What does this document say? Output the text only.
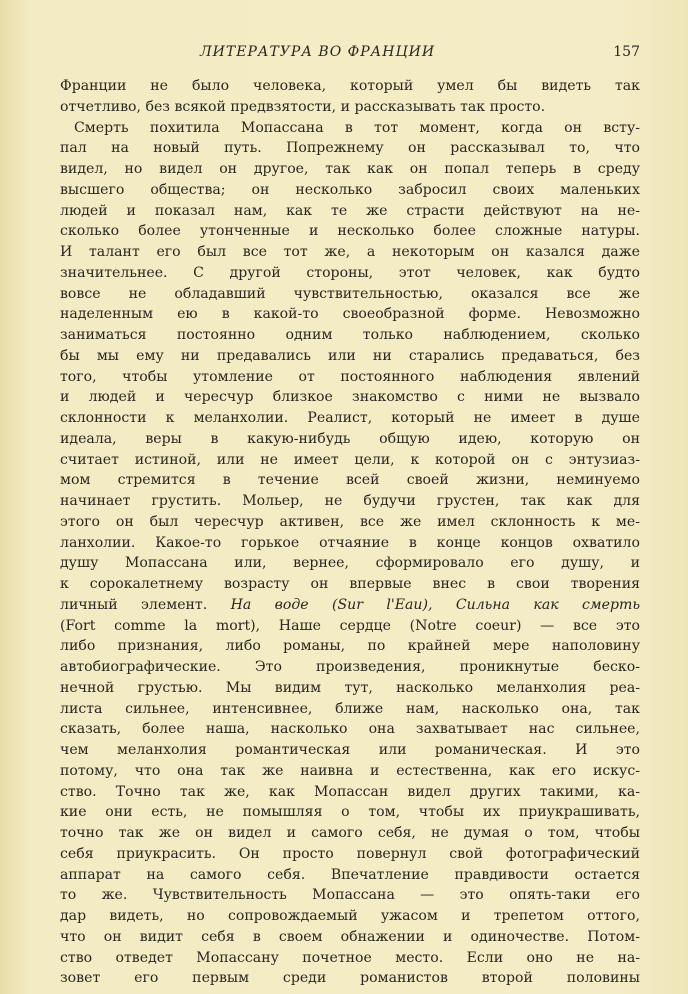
ЛИТЕРАТУРА ВО ФРАНЦИИ	157
Франции не было человека, который умел бы видеть так
отчетливо, без всякой предвзятости, и рассказывать так просто.
Смерть похитила Мопассана в тот момент, когда он всту-
пал на новый путь. Попрежнему он рассказывал то, что
видел, но видел он другое, так как он попал теперь в среду
высшего общества; он несколько забросил своих маленьких
людей и показал нам, как те же страсти действуют на не-
сколько более утонченные и несколько более сложные натуры.
И талант его был все тот же, а некоторым он казался даже
значительнее. С другой стороны, этот человек, как будто
вовсе не обладавший чувствительностью, оказался все же
наделенным ею в какой-то своеобразной форме. Невозможно
заниматься постоянно одним только наблюдением, сколько
бы мы ему ни предавались или ни старались предаваться, без
того, чтобы утомление от постоянного наблюдения явлений
и людей и чересчур близкое знакомство с ними не вызвало
склонности к меланхолии. Реалист, который не имеет в душе
идеала, веры в какую-нибудь общую идею, которую он
считает истиной, или не имеет цели, к которой он с энтузиаз-
мом стремится в течение всей своей жизни, неминуемо
начинает грустить. Мольер, не будучи грустен, так как для
этого он был чересчур активен, все же имел склонность к ме-
ланхолии. Какое-то горькое отчаяние в конце концов охватило
душу Мопассана или, вернее, сформировало его душу, и
к сорокалетнему возрасту он впервые внес в свои творения
личный элемент. На воде (Sur l'Eau), Сильна как смерть
(Fort comme la mort), Наше сердце (Notre coeur) — все это
либо признания, либо романы, по крайней мере наполовину
автобиографические. Это произведения, проникнутые беско-
нечной грустью. Мы видим тут, насколько меланхолия реа-
листа сильнее, интенсивнее, ближе нам, насколько она, так
сказать, более наша, насколько она захватывает нас сильнее,
чем меланхолия романтическая или романическая. И это
потому, что она так же наивна и естественна, как его искус-
ство. Точно так же, как Мопассан видел других такими, ка-
кие они есть, не помышляя о том, чтобы их приукрашивать,
точно так же он видел и самого себя, не думая о том, чтобы
себя приукрасить. Он просто повернул свой фотографический
аппарат на самого себя. Впечатление правдивости остается
то же. Чувствительность Мопассана — это опять-таки его
дар видеть, но сопровождаемый ужасом и трепетом оттого,
что он видит себя в своем обнажении и одиночестве. Потом-
ство отведет Мопассану почетное место. Если оно не на-
зовет его первым среди романистов второй половины
